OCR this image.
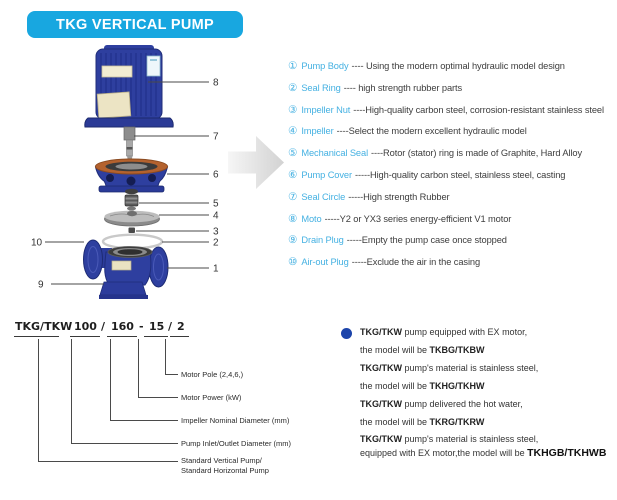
TKG VERTICAL PUMP
8
7
6
5
4
3
2
1
10
9
① Pump Body ---- Using the modern optimal hydraulic model design
② Seal Ring ---- high strength rubber parts
③ Impeller Nut ----High-quality carbon steel, corrosion-resistant stainless steel
④ Impeller ----Select the modern excellent hydraulic model
⑤ Mechanical Seal ----Rotor (stator) ring is made of Graphite, Hard Alloy
⑥ Pump Cover -----High-quality carbon steel, stainless steel, casting
⑦ Seal Circle -----High strength Rubber
⑧ Moto -----Y2 or YX3 series energy-efficient V1 motor
⑨ Drain Plug -----Empty the pump case once stopped
⑩ Air-out Plug -----Exclude the air in the casing
TKG/TKW 100 / 160 - 15 / 2
Motor Pole (2,4,6,)
Motor Power (kW)
Impeller Nominal Diameter (mm)
Pump Inlet/Outlet Diameter (mm)
Standard Vertical Pump/
Standard Horizontal Pump
TKG/TKW pump equipped with EX motor,
the model will be TKBG/TKBW
TKG/TKW pump's material is stainless steel,
the model will be TKHG/TKHW
TKG/TKW pump delivered the hot water,
the model will be TKRG/TKRW
TKG/TKW pump's material is stainless steel,
equipped with EX motor,the model will be TKHGB/TKHWB
